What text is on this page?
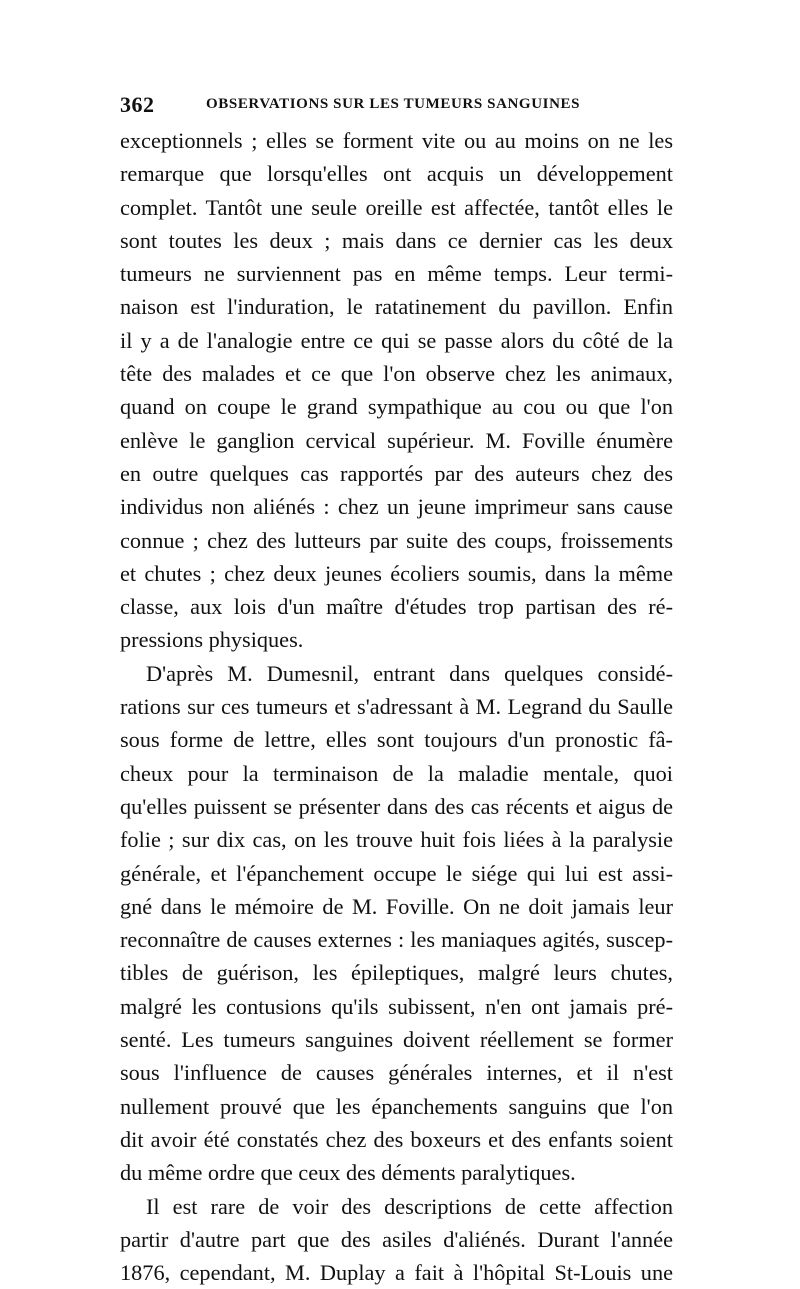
362	OBSERVATIONS SUR LES TUMEURS SANGUINES
exceptionnels ; elles se forment vite ou au moins on ne les
remarque que lorsqu'elles ont acquis un développement
complet. Tantôt une seule oreille est affectée, tantôt elles le
sont toutes les deux ; mais dans ce dernier cas les deux
tumeurs ne surviennent pas en même temps. Leur termi-
naison est l'induration, le ratatinement du pavillon. Enfin
il y a de l'analogie entre ce qui se passe alors du côté de la
tête des malades et ce que l'on observe chez les animaux,
quand on coupe le grand sympathique au cou ou que l'on
enlève le ganglion cervical supérieur. M. Foville énumère
en outre quelques cas rapportés par des auteurs chez des
individus non aliénés : chez un jeune imprimeur sans cause
connue ; chez des lutteurs par suite des coups, froissements
et chutes ; chez deux jeunes écoliers soumis, dans la même
classe, aux lois d'un maître d'études trop partisan des ré-
pressions physiques.
D'après M. Dumesnil, entrant dans quelques considé-
rations sur ces tumeurs et s'adressant à M. Legrand du Saulle
sous forme de lettre, elles sont toujours d'un pronostic fâ-
cheux pour la terminaison de la maladie mentale, quoi
qu'elles puissent se présenter dans des cas récents et aigus de
folie ; sur dix cas, on les trouve huit fois liées à la paralysie
générale, et l'épanchement occupe le siége qui lui est assi-
gné dans le mémoire de M. Foville. On ne doit jamais leur
reconnaître de causes externes : les maniaques agités, suscep-
tibles de guérison, les épileptiques, malgré leurs chutes,
malgré les contusions qu'ils subissent, n'en ont jamais pré-
senté. Les tumeurs sanguines doivent réellement se former
sous l'influence de causes générales internes, et il n'est
nullement prouvé que les épanchements sanguins que l'on
dit avoir été constatés chez des boxeurs et des enfants soient
du même ordre que ceux des déments paralytiques.
Il est rare de voir des descriptions de cette affection
partir d'autre part que des asiles d'aliénés. Durant l'année
1876, cependant, M. Duplay a fait à l'hôpital St-Louis une
